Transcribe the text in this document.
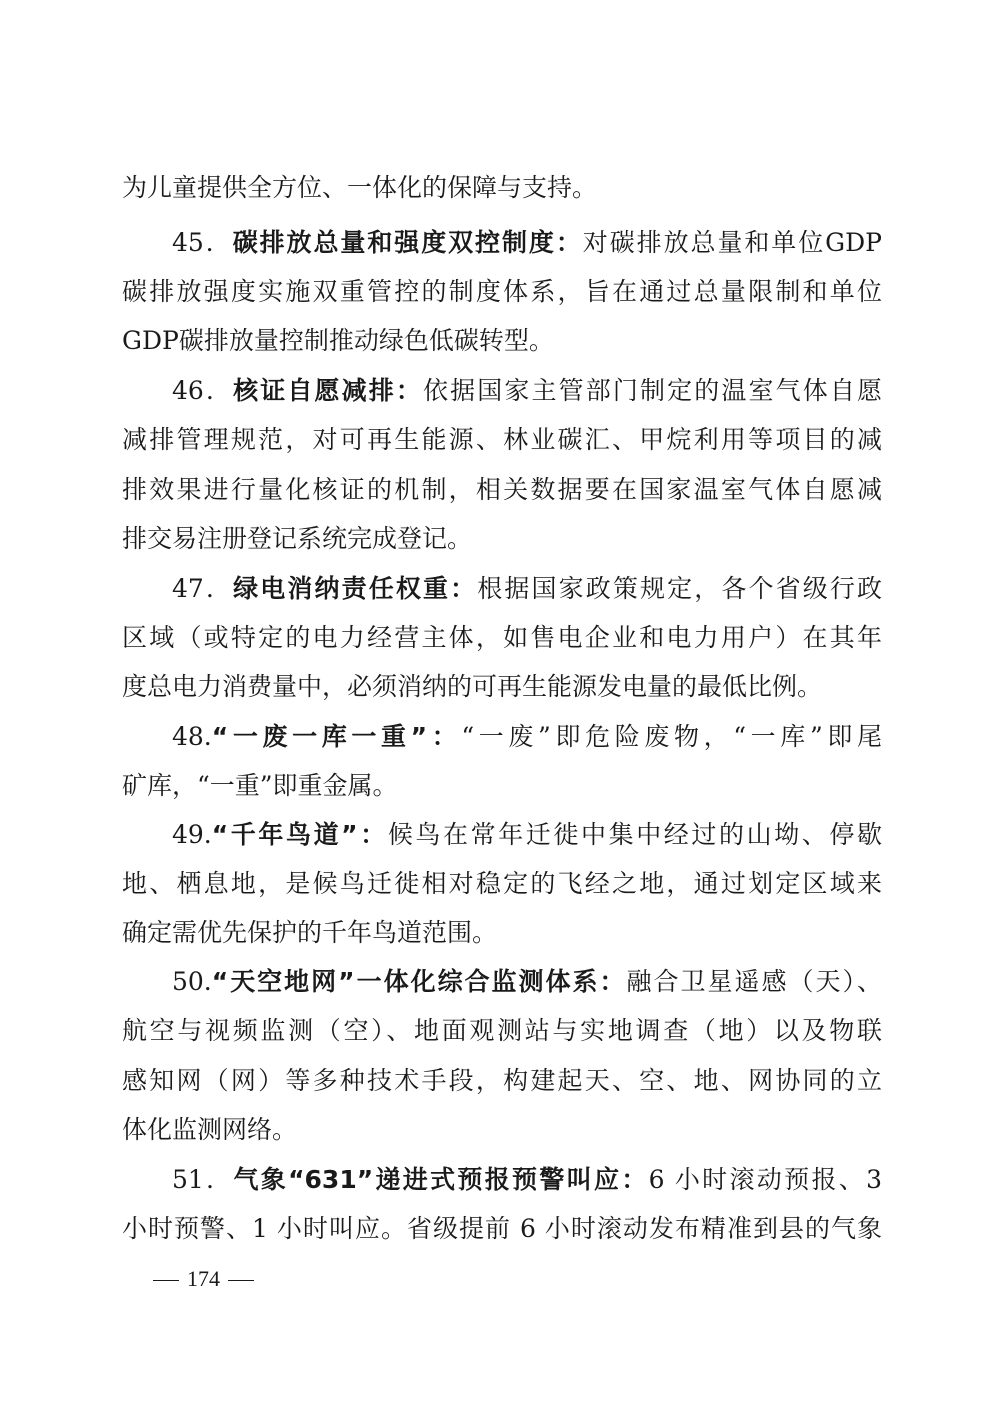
为儿童提供全方位、一体化的保障与支持。
45．碳排放总量和强度双控制度：对碳排放总量和单位GDP
碳排放强度实施双重管控的制度体系，旨在通过总量限制和单位
GDP碳排放量控制推动绿色低碳转型。
46．核证自愿减排：依据国家主管部门制定的温室气体自愿
减排管理规范，对可再生能源、林业碳汇、甲烷利用等项目的减
排效果进行量化核证的机制，相关数据要在国家温室气体自愿减
排交易注册登记系统完成登记。
47．绿电消纳责任权重：根据国家政策规定，各个省级行政
区域（或特定的电力经营主体，如售电企业和电力用户）在其年
度总电力消费量中，必须消纳的可再生能源发电量的最低比例。
48.“一废一库一重”：“一废”即危险废物，“一库”即尾
矿库，“一重”即重金属。
49.“千年鸟道”：候鸟在常年迁徙中集中经过的山坳、停歇
地、栖息地，是候鸟迁徙相对稳定的飞经之地，通过划定区域来
确定需优先保护的千年鸟道范围。
50.“天空地网”一体化综合监测体系：融合卫星遥感（天）、
航空与视频监测（空）、地面观测站与实地调查（地）以及物联
感知网（网）等多种技术手段，构建起天、空、地、网协同的立
体化监测网络。
51．气象“631”递进式预报预警叫应：6 小时滚动预报、3
小时预警、1 小时叫应。省级提前 6 小时滚动发布精准到县的气象
174
